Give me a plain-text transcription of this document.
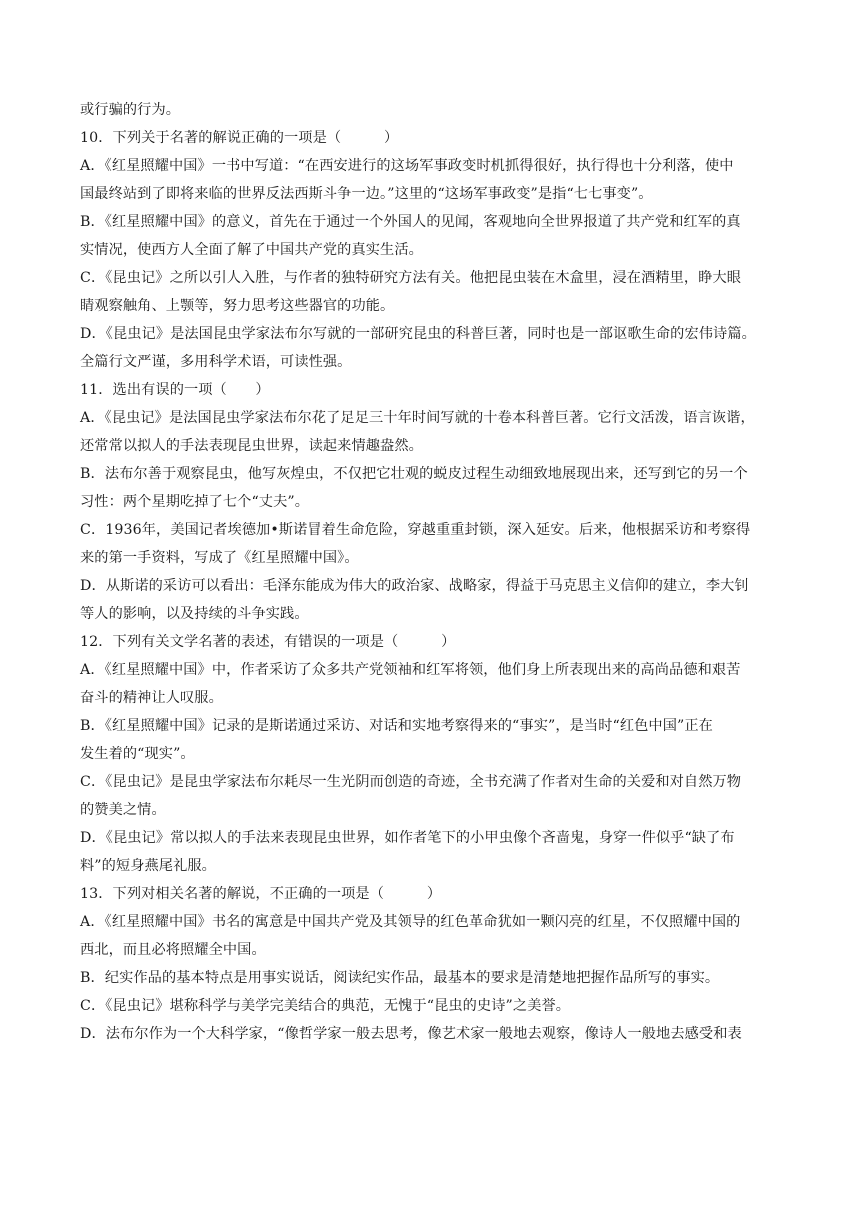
或行骗的行为。
10．下列关于名著的解说正确的一项是（　　　）
A．《红星照耀中国》一书中写道：“在西安进行的这场军事政变时机抓得很好，执行得也十分利落，使中
国最终站到了即将来临的世界反法西斯斗争一边。”这里的“这场军事政变”是指“七七事变”。
B．《红星照耀中国》的意义，首先在于通过一个外国人的见闻，客观地向全世界报道了共产党和红军的真
实情况，使西方人全面了解了中国共产党的真实生活。
C．《昆虫记》之所以引人入胜，与作者的独特研究方法有关。他把昆虫装在木盒里，浸在酒精里，睁大眼
睛观察触角、上颚等，努力思考这些器官的功能。
D．《昆虫记》是法国昆虫学家法布尔写就的一部研究昆虫的科普巨著，同时也是一部讴歌生命的宏伟诗篇。
全篇行文严谨，多用科学术语，可读性强。
11．选出有误的一项（　　）
A．《昆虫记》是法国昆虫学家法布尔花了足足三十年时间写就的十卷本科普巨著。它行文活泼，语言诙谐，
还常常以拟人的手法表现昆虫世界，读起来情趣盎然。
B．法布尔善于观察昆虫，他写灰煌虫，不仅把它壮观的蜕皮过程生动细致地展现出来，还写到它的另一个
习性：两个星期吃掉了七个“丈夫”。
C．1936年，美国记者埃德加•斯诺冒着生命危险，穿越重重封锁，深入延安。后来，他根据采访和考察得
来的第一手资料，写成了《红星照耀中国》。
D．从斯诺的采访可以看出：毛泽东能成为伟大的政治家、战略家，得益于马克思主义信仰的建立，李大钊
等人的影响，以及持续的斗争实践。
12．下列有关文学名著的表述，有错误的一项是（　　　）
A．《红星照耀中国》中，作者采访了众多共产党领袖和红军将领，他们身上所表现出来的高尚品德和艰苦
奋斗的精神让人叹服。
B．《红星照耀中国》记录的是斯诺通过采访、对话和实地考察得来的“事实”，是当时“红色中国”正在
发生着的“现实”。
C．《昆虫记》是昆虫学家法布尔耗尽一生光阴而创造的奇迹，全书充满了作者对生命的关爱和对自然万物
的赞美之情。
D．《昆虫记》常以拟人的手法来表现昆虫世界，如作者笔下的小甲虫像个吝啬鬼，身穿一件似乎“缺了布
料”的短身燕尾礼服。
13．下列对相关名著的解说，不正确的一项是（　　　）
A．《红星照耀中国》书名的寓意是中国共产党及其领导的红色革命犹如一颗闪亮的红星，不仅照耀中国的
西北，而且必将照耀全中国。
B．纪实作品的基本特点是用事实说话，阅读纪实作品，最基本的要求是清楚地把握作品所写的事实。
C．《昆虫记》堪称科学与美学完美结合的典范，无愧于“昆虫的史诗”之美誉。
D．法布尔作为一个大科学家，“像哲学家一般去思考，像艺术家一般地去观察，像诗人一般地去感受和表
